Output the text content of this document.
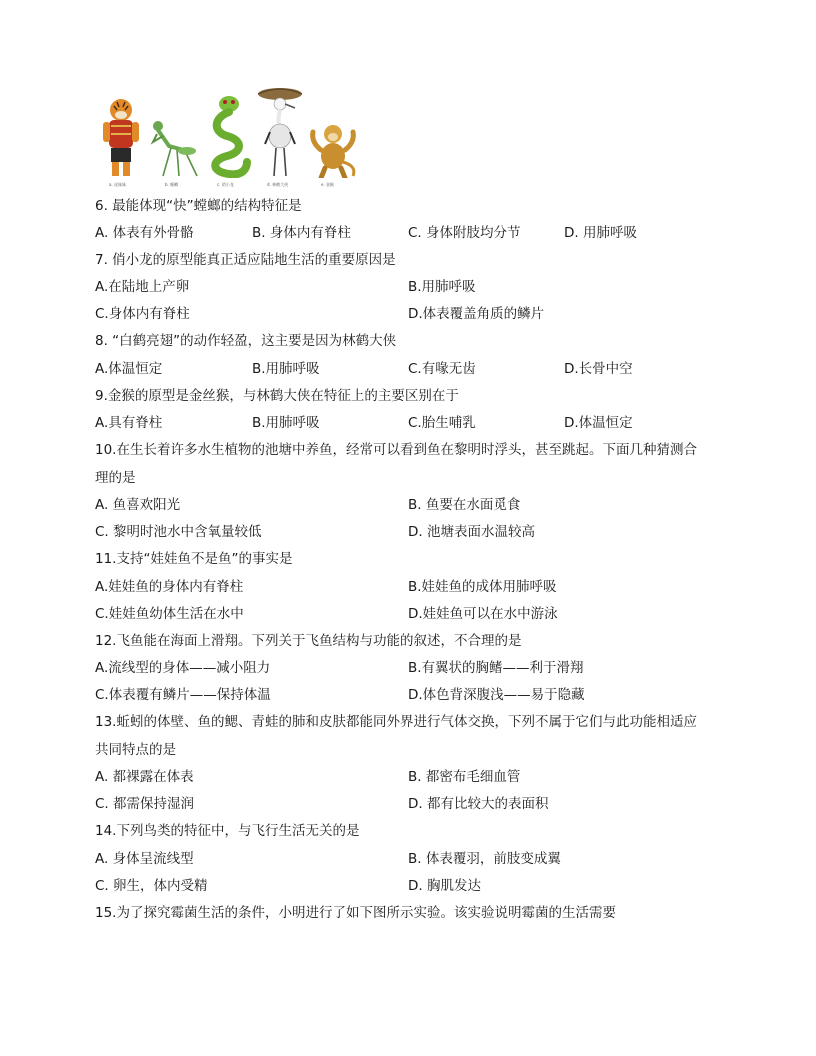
a. 虎妹妹	b. 螳螂	c. 俏小龙	d. 林鹤大侠	e. 金猴
6. 最能体现“快”螳螂的结构特征是
A. 体表有外骨骼	B. 身体内有脊柱	C. 身体附肢均分节	D. 用肺呼吸
7. 俏小龙的原型能真正适应陆地生活的重要原因是
A.在陆地上产卵	B.用肺呼吸
C.身体内有脊柱	D.体表覆盖角质的鳞片
8. “白鹤亮翅”的动作轻盈，这主要是因为林鹤大侠
A.体温恒定	B.用肺呼吸	C.有喙无齿	D.长骨中空
9.金猴的原型是金丝猴，与林鹤大侠在特征上的主要区别在于
A.具有脊柱	B.用肺呼吸	C.胎生哺乳	D.体温恒定
10.在生长着许多水生植物的池塘中养鱼，经常可以看到鱼在黎明时浮头，甚至跳起。下面几种猜测合
理的是
A. 鱼喜欢阳光	B. 鱼要在水面觅食
C. 黎明时池水中含氧量较低	D. 池塘表面水温较高
11.支持“娃娃鱼不是鱼”的事实是
A.娃娃鱼的身体内有脊柱	B.娃娃鱼的成体用肺呼吸
C.娃娃鱼幼体生活在水中	D.娃娃鱼可以在水中游泳
12.飞鱼能在海面上滑翔。下列关于飞鱼结构与功能的叙述，不合理的是
A.流线型的身体——减小阻力	B.有翼状的胸鳍——利于滑翔
C.体表覆有鳞片——保持体温	D.体色背深腹浅——易于隐藏
13.蚯蚓的体壁、鱼的鳃、青蛙的肺和皮肤都能同外界进行气体交换，下列不属于它们与此功能相适应
共同特点的是
A. 都裸露在体表	B. 都密布毛细血管
C. 都需保持湿润	D. 都有比较大的表面积
14.下列鸟类的特征中，与飞行生活无关的是
A. 身体呈流线型	B. 体表覆羽，前肢变成翼
C. 卵生，体内受精	D. 胸肌发达
15.为了探究霉菌生活的条件，小明进行了如下图所示实验。该实验说明霉菌的生活需要
